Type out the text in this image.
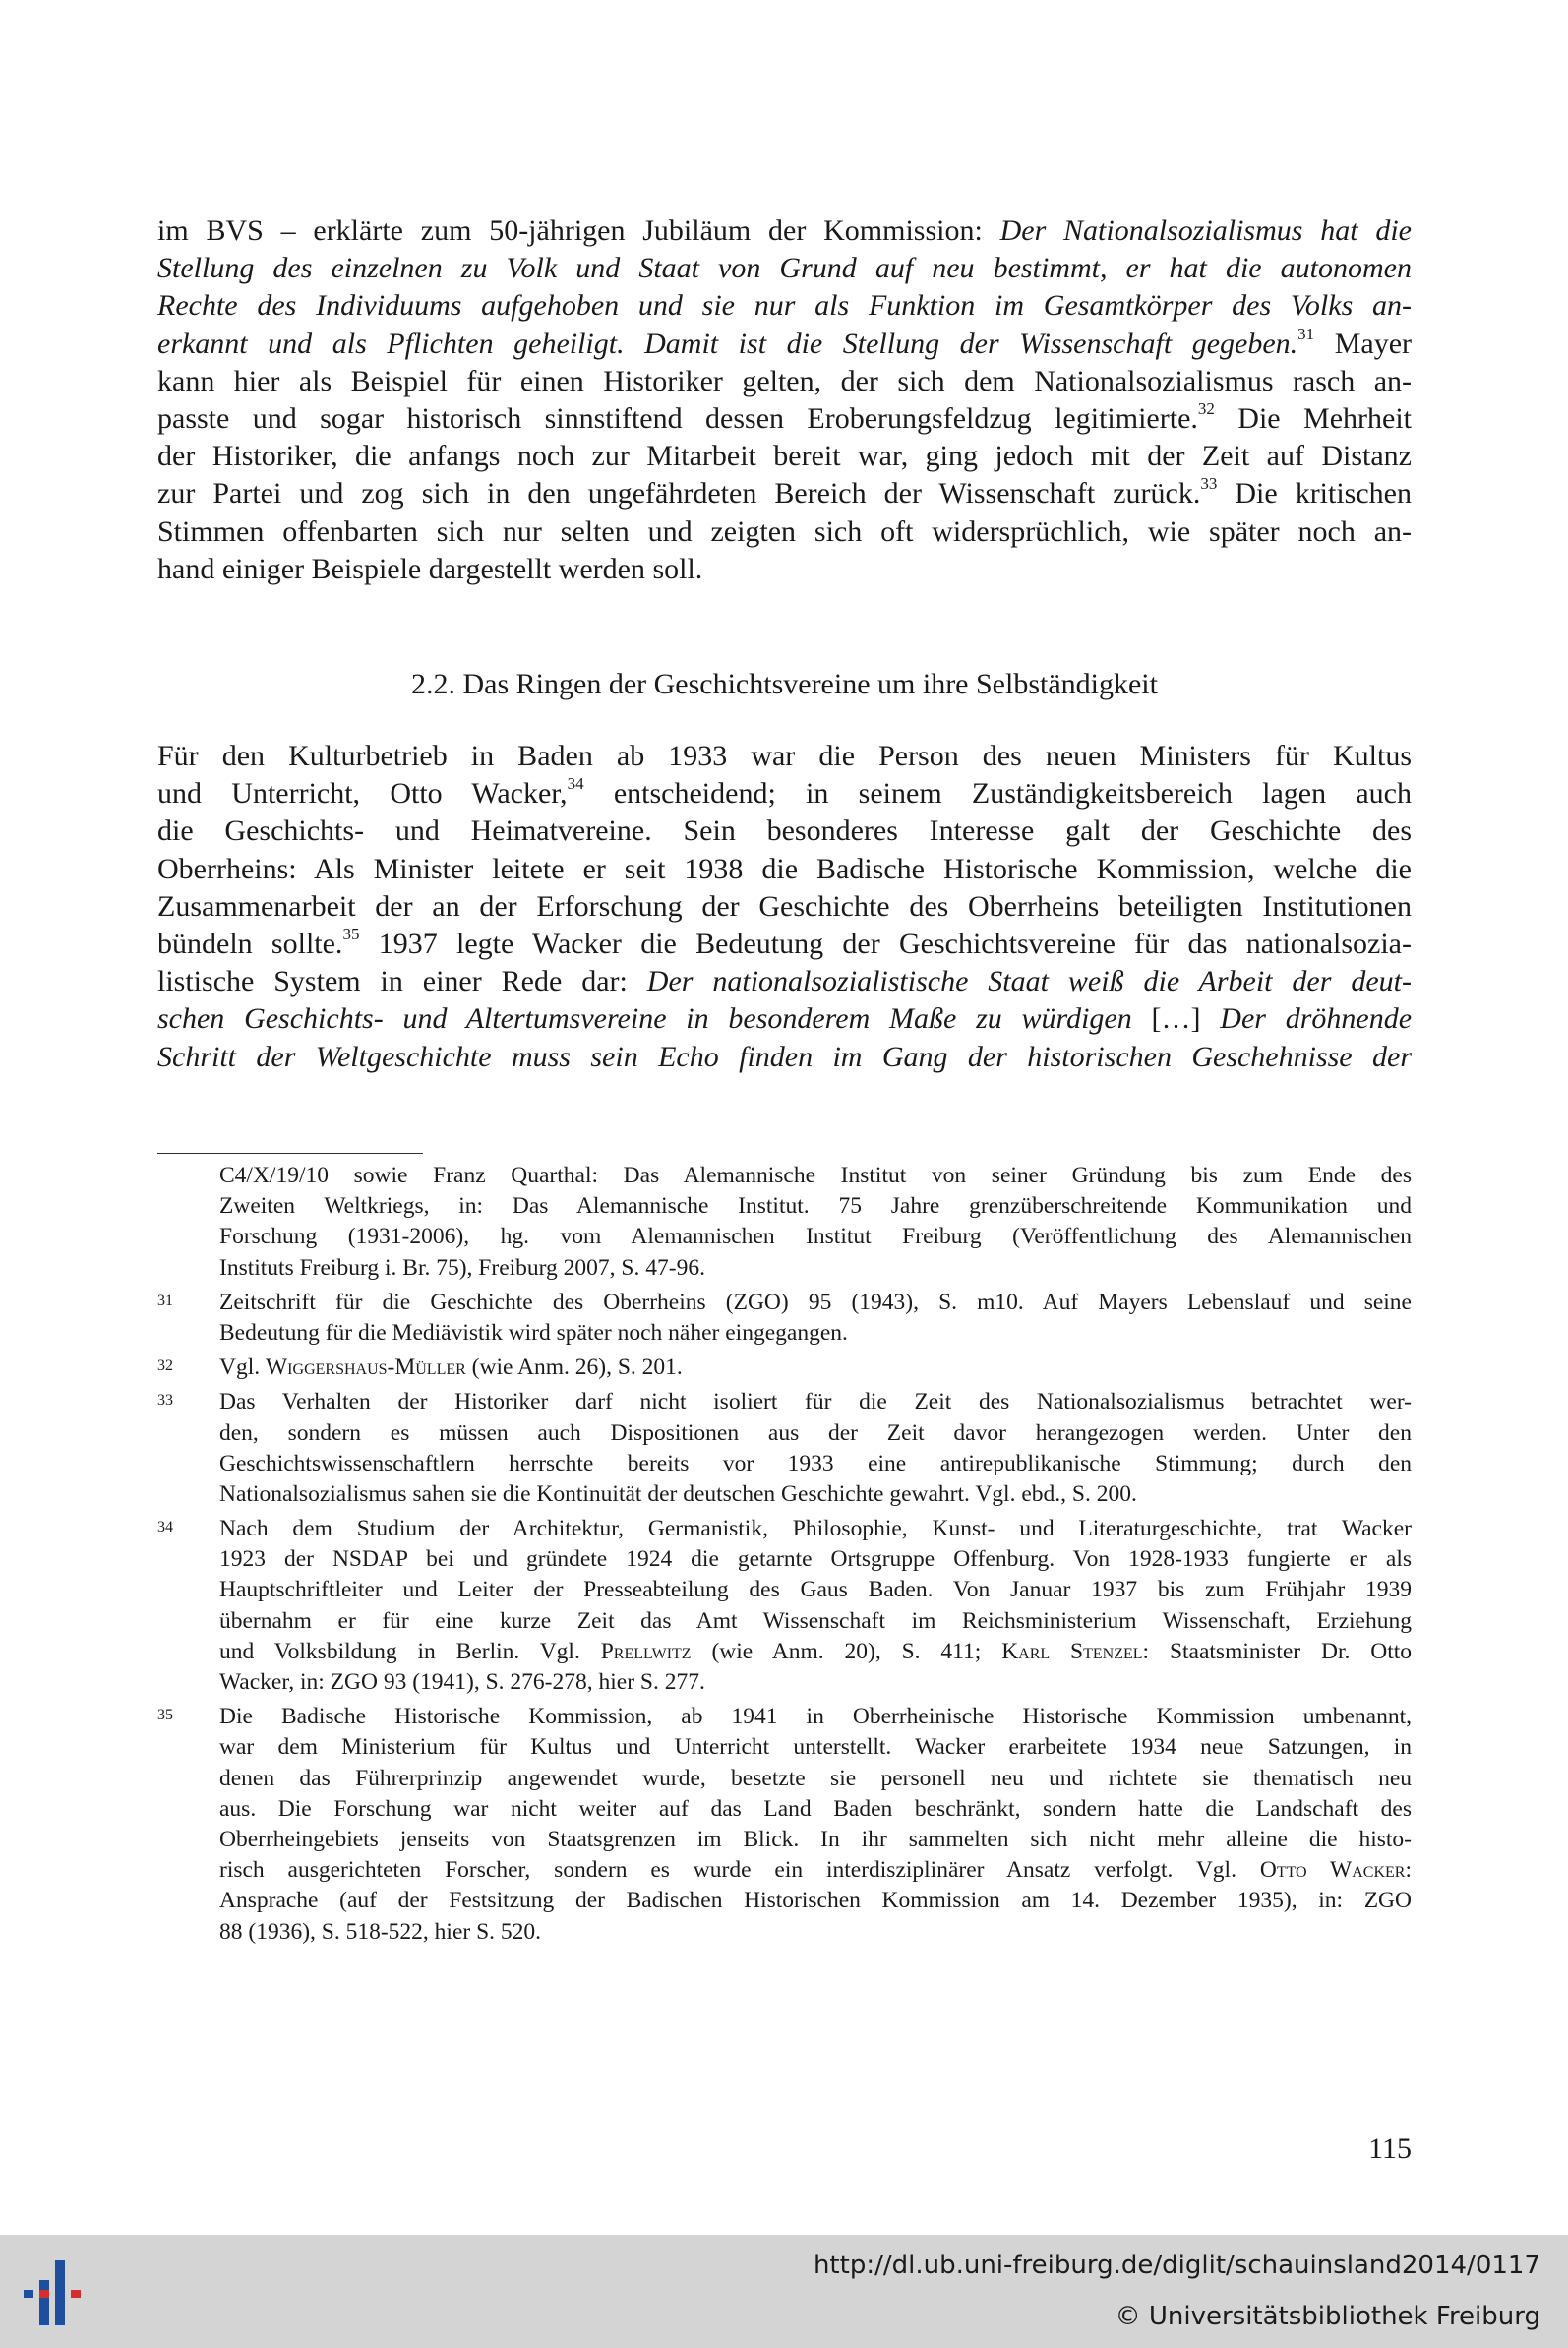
im BVS – erklärte zum 50-jährigen Jubiläum der Kommission: Der Nationalsozialismus hat die
Stellung des einzelnen zu Volk und Staat von Grund auf neu bestimmt, er hat die autonomen
Rechte des Individuums aufgehoben und sie nur als Funktion im Gesamtkörper des Volks an-
erkannt und als Pflichten geheiligt. Damit ist die Stellung der Wissenschaft gegeben.$^{31}$ Mayer
kann hier als Beispiel für einen Historiker gelten, der sich dem Nationalsozialismus rasch an-
passte und sogar historisch sinnstiftend dessen Eroberungsfeldzug legitimierte.$^{32}$ Die Mehrheit
der Historiker, die anfangs noch zur Mitarbeit bereit war, ging jedoch mit der Zeit auf Distanz
zur Partei und zog sich in den ungefährdeten Bereich der Wissenschaft zurück.$^{33}$ Die kritischen
Stimmen offenbarten sich nur selten und zeigten sich oft widersprüchlich, wie später noch an-
hand einiger Beispiele dargestellt werden soll.
2.2. Das Ringen der Geschichtsvereine um ihre Selbständigkeit
Für den Kulturbetrieb in Baden ab 1933 war die Person des neuen Ministers für Kultus
und Unterricht, Otto Wacker,$^{34}$ entscheidend; in seinem Zuständigkeitsbereich lagen auch
die Geschichts- und Heimatvereine. Sein besonderes Interesse galt der Geschichte des
Oberrheins: Als Minister leitete er seit 1938 die Badische Historische Kommission, welche die
Zusammenarbeit der an der Erforschung der Geschichte des Oberrheins beteiligten Institutionen
bündeln sollte.$^{35}$ 1937 legte Wacker die Bedeutung der Geschichtsvereine für das nationalsozia-
listische System in einer Rede dar: Der nationalsozialistische Staat weiß die Arbeit der deut-
schen Geschichts- und Altertumsvereine in besonderem Maße zu würdigen […] Der dröhnende
Schritt der Weltgeschichte muss sein Echo finden im Gang der historischen Geschehnisse der
C4/X/19/10 sowie Franz Quarthal: Das Alemannische Institut von seiner Gründung bis zum Ende des
Zweiten Weltkriegs, in: Das Alemannische Institut. 75 Jahre grenzüberschreitende Kommunikation und
Forschung (1931-2006), hg. vom Alemannischen Institut Freiburg (Veröffentlichung des Alemannischen
Instituts Freiburg i. Br. 75), Freiburg 2007, S. 47-96.
31 Zeitschrift für die Geschichte des Oberrheins (ZGO) 95 (1943), S. m10. Auf Mayers Lebenslauf und seine
Bedeutung für die Mediävistik wird später noch näher eingegangen.
32 Vgl. Wiggershaus-Müller (wie Anm. 26), S. 201.
33 Das Verhalten der Historiker darf nicht isoliert für die Zeit des Nationalsozialismus betrachtet wer-
den, sondern es müssen auch Dispositionen aus der Zeit davor herangezogen werden. Unter den
Geschichtswissenschaftlern herrschte bereits vor 1933 eine antirepublikanische Stimmung; durch den
Nationalsozialismus sahen sie die Kontinuität der deutschen Geschichte gewahrt. Vgl. ebd., S. 200.
34 Nach dem Studium der Architektur, Germanistik, Philosophie, Kunst- und Literaturgeschichte, trat Wacker
1923 der NSDAP bei und gründete 1924 die getarnte Ortsgruppe Offenburg. Von 1928-1933 fungierte er als
Hauptschriftleiter und Leiter der Presseabteilung des Gaus Baden. Von Januar 1937 bis zum Frühjahr 1939
übernahm er für eine kurze Zeit das Amt Wissenschaft im Reichsministerium Wissenschaft, Erziehung
und Volksbildung in Berlin. Vgl. Prellwitz (wie Anm. 20), S. 411; Karl Stenzel: Staatsminister Dr. Otto
Wacker, in: ZGO 93 (1941), S. 276-278, hier S. 277.
35 Die Badische Historische Kommission, ab 1941 in Oberrheinische Historische Kommission umbenannt,
war dem Ministerium für Kultus und Unterricht unterstellt. Wacker erarbeitete 1934 neue Satzungen, in
denen das Führerprinzip angewendet wurde, besetzte sie personell neu und richtete sie thematisch neu
aus. Die Forschung war nicht weiter auf das Land Baden beschränkt, sondern hatte die Landschaft des
Oberrheingebiets jenseits von Staatsgrenzen im Blick. In ihr sammelten sich nicht mehr alleine die histo-
risch ausgerichteten Forscher, sondern es wurde ein interdisziplinärer Ansatz verfolgt. Vgl. Otto Wacker:
Ansprache (auf der Festsitzung der Badischen Historischen Kommission am 14. Dezember 1935), in: ZGO
88 (1936), S. 518-522, hier S. 520.
115
http://dl.ub.uni-freiburg.de/diglit/schauinsland2014/0117
© Universitätsbibliothek Freiburg
